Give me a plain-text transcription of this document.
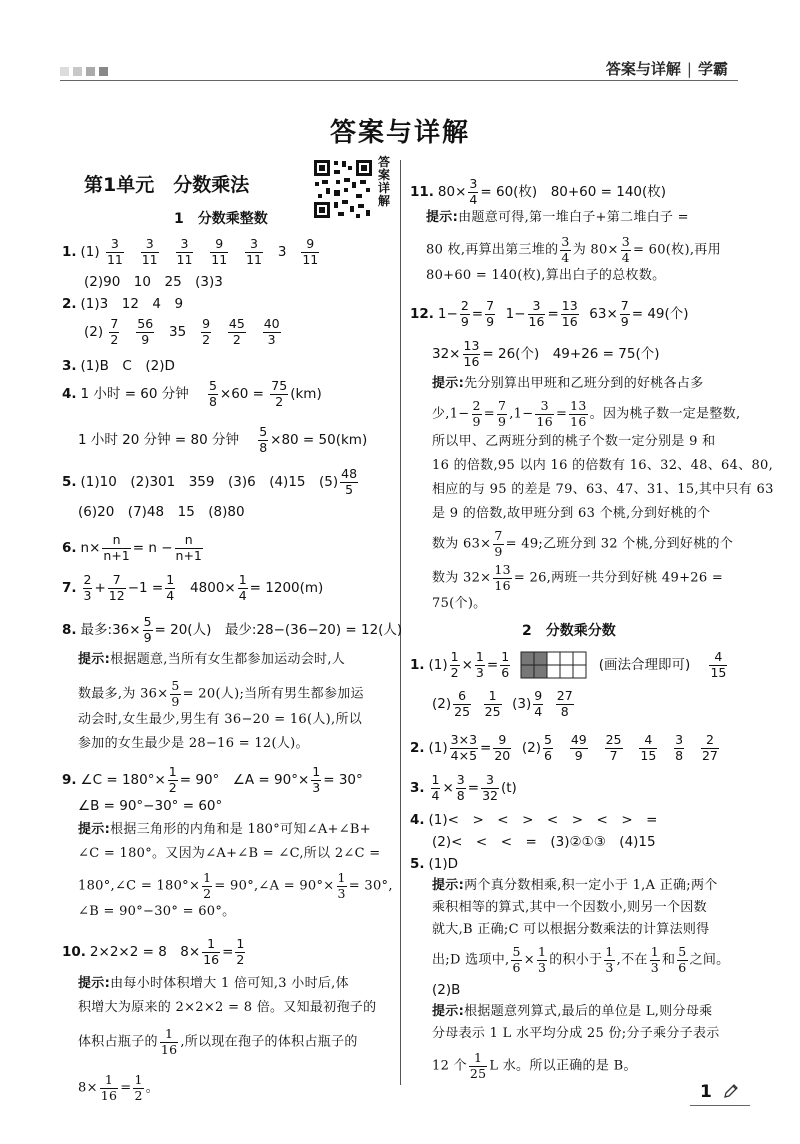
答案与详解 | 学霸
答案与详解
第1单元　分数乘法
答案详解
1　分数乘整数
1. $(1) \frac{3}{11}$
$\frac{3}{11}$
$\frac{3}{11}$
$\frac{9}{11}$
$\frac{3}{11} 3 \frac{9}{11}$
(2)90　10　25　(3)3
2. (1)3　12　4　9
$(2) \frac{7}{2}$
$\frac{56}{9} 35 \frac{9}{2}$
$\frac{45}{2}$
$\frac{40}{3}$
3. (1)B　C　(2)D
4. 1 小时 = 60 分钟 $\frac{5}{8} \times 60 = \frac{75}{2} (km)$
1 小时 20 分钟 = 80 分钟 $\frac{5}{8} \times 80 = 50(km)$
5. (1)10　(2)301　359　(3)6　(4)15　$(5) \frac{48}{5}$
(6)20　(7)48　15　(8)80
6. $n\times \frac{n}{n+1} = n - \frac{n}{n+1}$
7. $\frac{2}{3} + \frac{7}{12} -1 = \frac{1}{4} 4800\times \frac{1}{4} = 1200(m)$
8. 最多:36× $\frac{5}{9} = 20$(人)　最少:28−(36−20) = 12(人)
提示:根据题意,当所有女生都参加运动会时,人
数最多,为 $36\times \frac{5}{9} = 20$(人);当所有男生都参加运
动会时,女生最少,男生有 36−20 = 16(人),所以
参加的女生最少是 28−16 = 12(人)。
9. ∠C = $180^\circ\times \frac{1}{2} = 90^\circ$　∠A = $90^\circ\times \frac{1}{3} = 30^\circ$
∠B = 90°−30° = 60°
提示:根据三角形的内角和是 180°可知∠A+∠B+
∠C = 180°。又因为∠A+∠B = ∠C,所以 2∠C =
180°,∠C = $180^\circ\times \frac{1}{2}$ = 90°,∠A = $90^\circ\times \frac{1}{3} = 30^\circ$,
∠B = 90°−30° = 60°。
10. 2×2×2 = 8　$8\times \frac{1}{16} = \frac{1}{2}$
提示:由每小时体积增大 1 倍可知,3 小时后,体
积增大为原来的 2×2×2 = 8 倍。又知最初孢子的
体积占瓶子的 $\frac{1}{16}$ ,所以现在孢子的体积占瓶子的
$8\times \frac{1}{16} = \frac{1}{2}$ 。
11. $80\times \frac{3}{4} = 60$(枚)　80+60 = 140(枚)
提示:由题意可得,第一堆白子+第二堆白子 =
80 枚,再算出第三堆的 $\frac{3}{4}$ 为 $80\times \frac{3}{4} = 60$(枚),再用
80+60 = 140(枚),算出白子的总枚数。
12. $1- \frac{2}{9} = \frac{7}{9} 1- \frac{3}{16} = \frac{13}{16} 63\times \frac{7}{9} = 49$(个)
$32\times \frac{13}{16} = 26$(个)　49+26 = 75(个)
提示:先分别算出甲班和乙班分到的好桃各占多
少$,1- \frac{2}{9} = \frac{7}{9} ,1- \frac{3}{16} = \frac{13}{16}$ 。因为桃子数一定是整数,
所以甲、乙两班分到的桃子个数一定分别是 9 和
16 的倍数,95 以内 16 的倍数有 16、32、48、64、80,
相应的与 95 的差是 79、63、47、31、15,其中只有 63
是 9 的倍数,故甲班分到 63 个桃,分到好桃的个
数为 $63\times \frac{7}{9} = 49$;乙班分到 32 个桃,分到好桃的个
数为 $32\times \frac{13}{16} = 26$,两班一共分到好桃 49+26 =
75(个)。
2　分数乘分数
1. $(1) \frac{1}{2} \times \frac{1}{3} = \frac{1}{6}$	(画法合理即可) $\frac{4}{15}$
$(2) \frac{6}{25}$
$\frac{1}{25} (3) \frac{9}{4}$
$\frac{27}{8}$
2. $(1) \frac{3\times 3}{4\times 5} = \frac{9}{20} (2) \frac{5}{6}$
$\frac{49}{9}$
$\frac{25}{7}$
$\frac{4}{15}$
$\frac{3}{8}$
$\frac{2}{27}$
3. $\frac{1}{4} \times \frac{3}{8} = \frac{3}{32} (t)$
4. (1)<　>　<　>　<　>　<　>　=
(2)<　<　<　=　(3)②①③　(4)15
5. (1)D
提示:两个真分数相乘,积一定小于 1,A 正确;两个
乘积相等的算式,其中一个因数小,则另一个因数
就大,B 正确;C 可以根据分数乘法的计算法则得
出;D 选项中, $\frac{5}{6} \times \frac{1}{3}$ 的积小于 $\frac{1}{3}$ ,不在 $\frac{1}{3}$ 和 $\frac{5}{6}$ 之间。
(2)B
提示:根据题意列算式,最后的单位是 L,则分母乘
分母表示 1 L 水平均分成 25 份;分子乘分子表示
12 个 $\frac{1}{25}$ L 水。所以正确的是 B。
1
